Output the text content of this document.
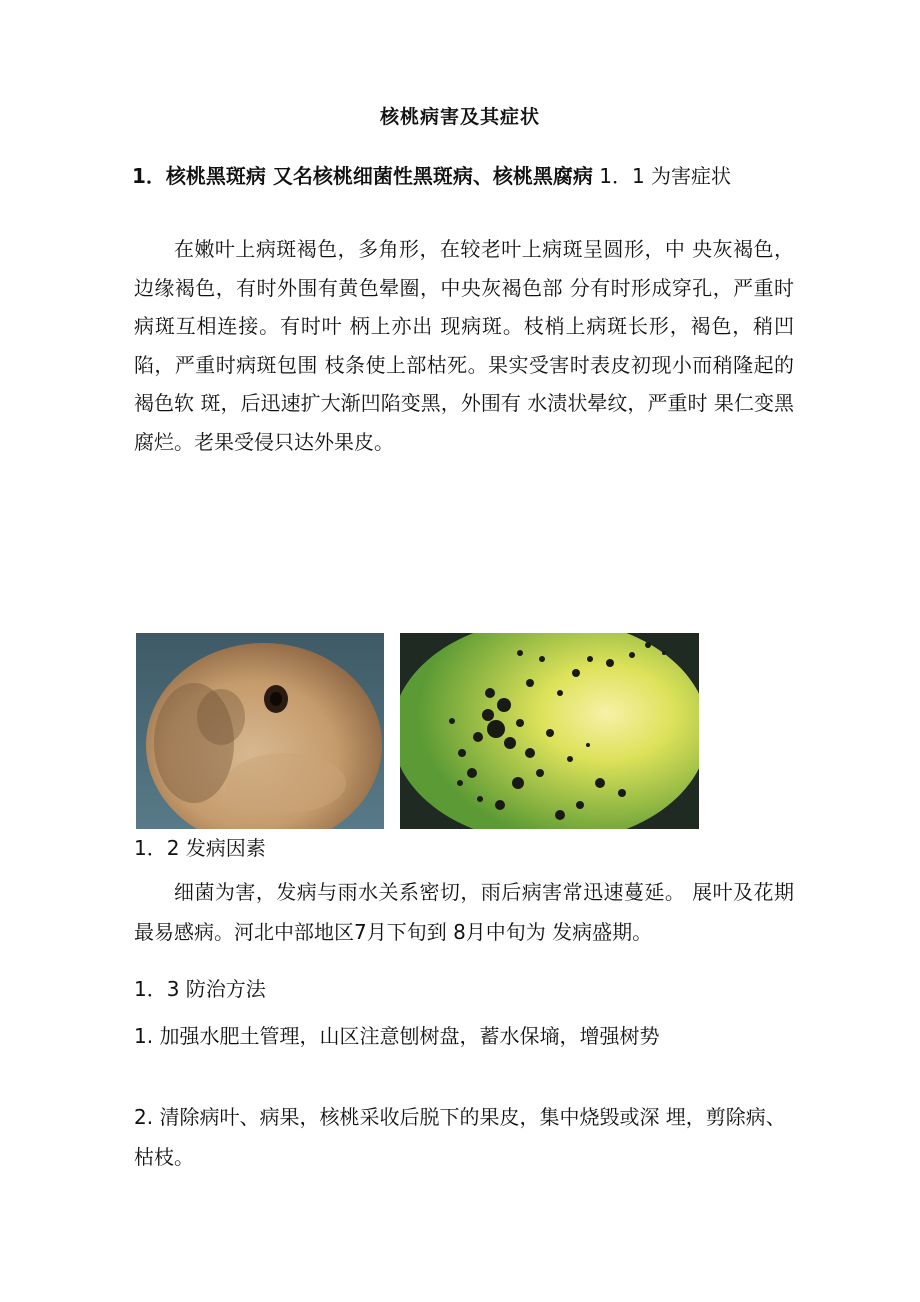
核桃病害及其症状
1．核桃黑斑病 又名核桃细菌性黑斑病、核桃黑腐病 1．1 为害症状
在嫩叶上病斑褐色，多角形，在较老叶上病斑呈圆形，中 央灰褐色，边缘褐色，有时外围有黄色晕圈，中央灰褐色部 分有时形成穿孔，严重时病斑互相连接。有时叶 柄上亦出 现病斑。枝梢上病斑长形，褐色，稍凹陷，严重时病斑包围 枝条使上部枯死。果实受害时表皮初现小而稍隆起的褐色软 斑，后迅速扩大渐凹陷变黑，外围有 水渍状晕纹，严重时 果仁变黑腐烂。老果受侵只达外果皮。
1．2 发病因素
细菌为害，发病与雨水关系密切，雨后病害常迅速蔓延。 展叶及花期最易感病。河北中部地区7月下旬到 8月中旬为 发病盛期。
1．3 防治方法
1. 加强水肥土管理，山区注意刨树盘，蓄水保墒，增强树势
2. 清除病叶、病果，核桃采收后脱下的果皮，集中烧毁或深 埋，剪除病、枯枝。
